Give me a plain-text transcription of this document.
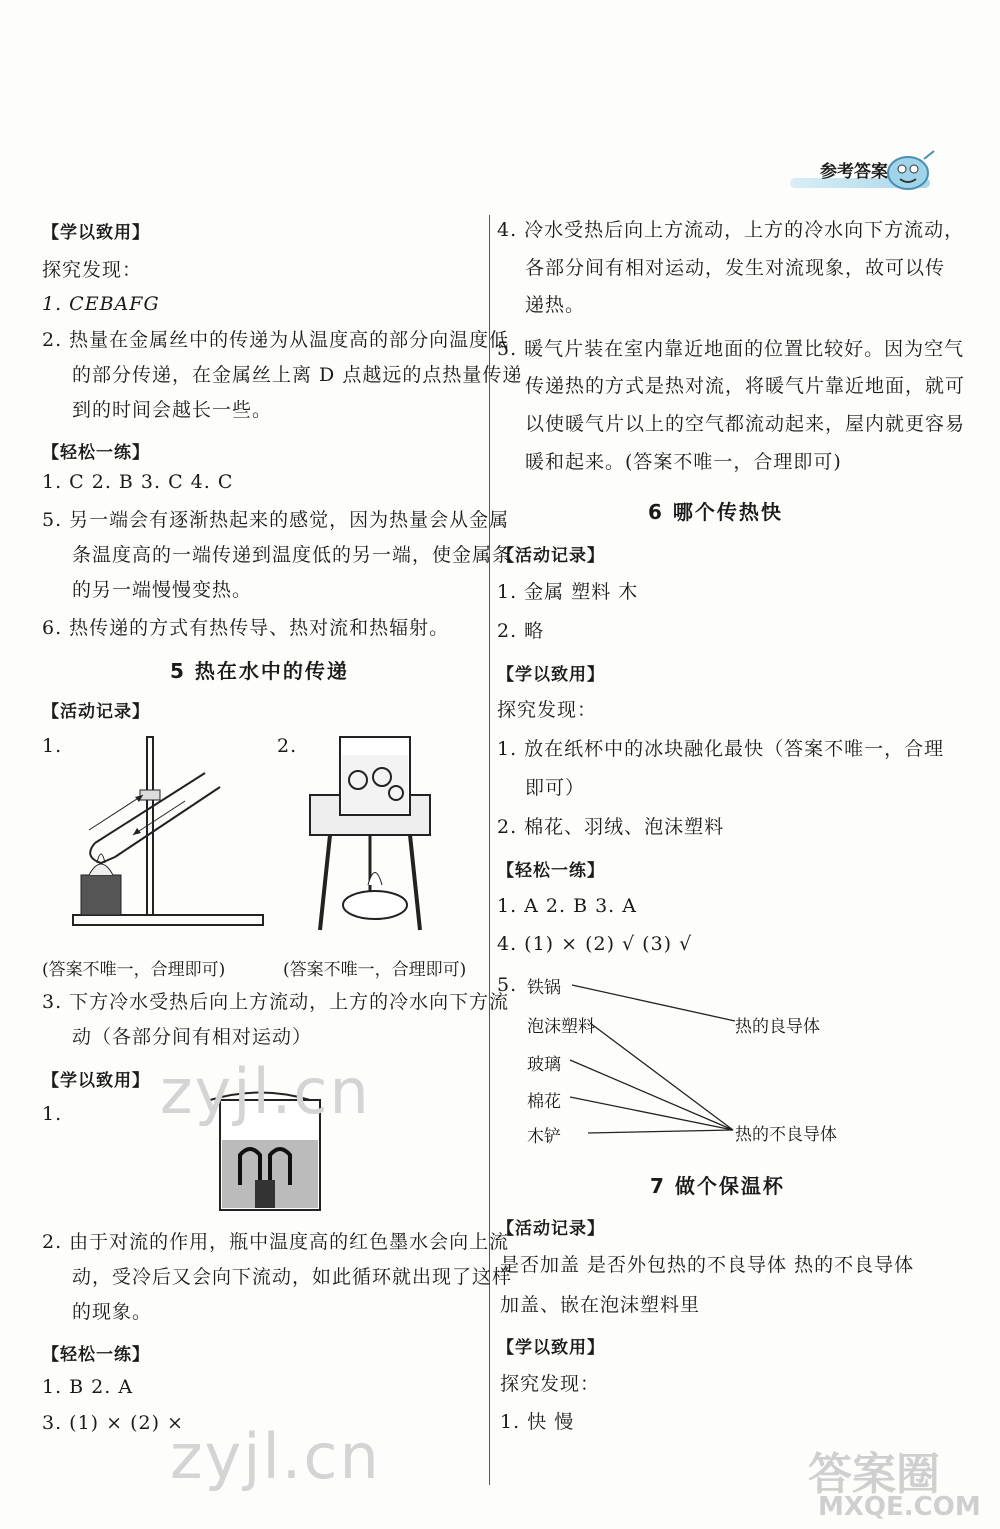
参考答案
【学以致用】
探究发现：
1. CEBAFG
2. 热量在金属丝中的传递为从温度高的部分向温度低
的部分传递，在金属丝上离 D 点越远的点热量传递
到的时间会越长一些。
【轻松一练】
1. C 2. B 3. C 4. C
5. 另一端会有逐渐热起来的感觉，因为热量会从金属
条温度高的一端传递到温度低的另一端，使金属条
的另一端慢慢变热。
6. 热传递的方式有热传导、热对流和热辐射。
5 热在水中的传递
【活动记录】
1.	2.
(答案不唯一，合理即可)	(答案不唯一，合理即可)
3. 下方冷水受热后向上方流动，上方的冷水向下方流
动（各部分间有相对运动）
【学以致用】
1.
2. 由于对流的作用，瓶中温度高的红色墨水会向上流
动，受冷后又会向下流动，如此循环就出现了这样
的现象。
【轻松一练】
1. B 2. A
3. (1) × (2) ×
4. 冷水受热后向上方流动，上方的冷水向下方流动，
各部分间有相对运动，发生对流现象，故可以传
递热。
5. 暖气片装在室内靠近地面的位置比较好。因为空气
传递热的方式是热对流，将暖气片靠近地面，就可
以使暖气片以上的空气都流动起来，屋内就更容易
暖和起来。(答案不唯一，合理即可)
6 哪个传热快
【活动记录】
1. 金属 塑料 木
2. 略
【学以致用】
探究发现：
1. 放在纸杯中的冰块融化最快（答案不唯一，合理
即可）
2. 棉花、羽绒、泡沫塑料
【轻松一练】
1. A 2. B 3. A
4. (1) × (2) √ (3) √
5. 铁锅
泡沫塑料
玻璃
棉花
木铲
热的良导体
热的不良导体
7 做个保温杯
【活动记录】
是否加盖 是否外包热的不良导体 热的不良导体
加盖、嵌在泡沫塑料里
【学以致用】
探究发现：
1. 快 慢
zyjl.cn
zyjl.cn	答案圈
MXQE.COM
